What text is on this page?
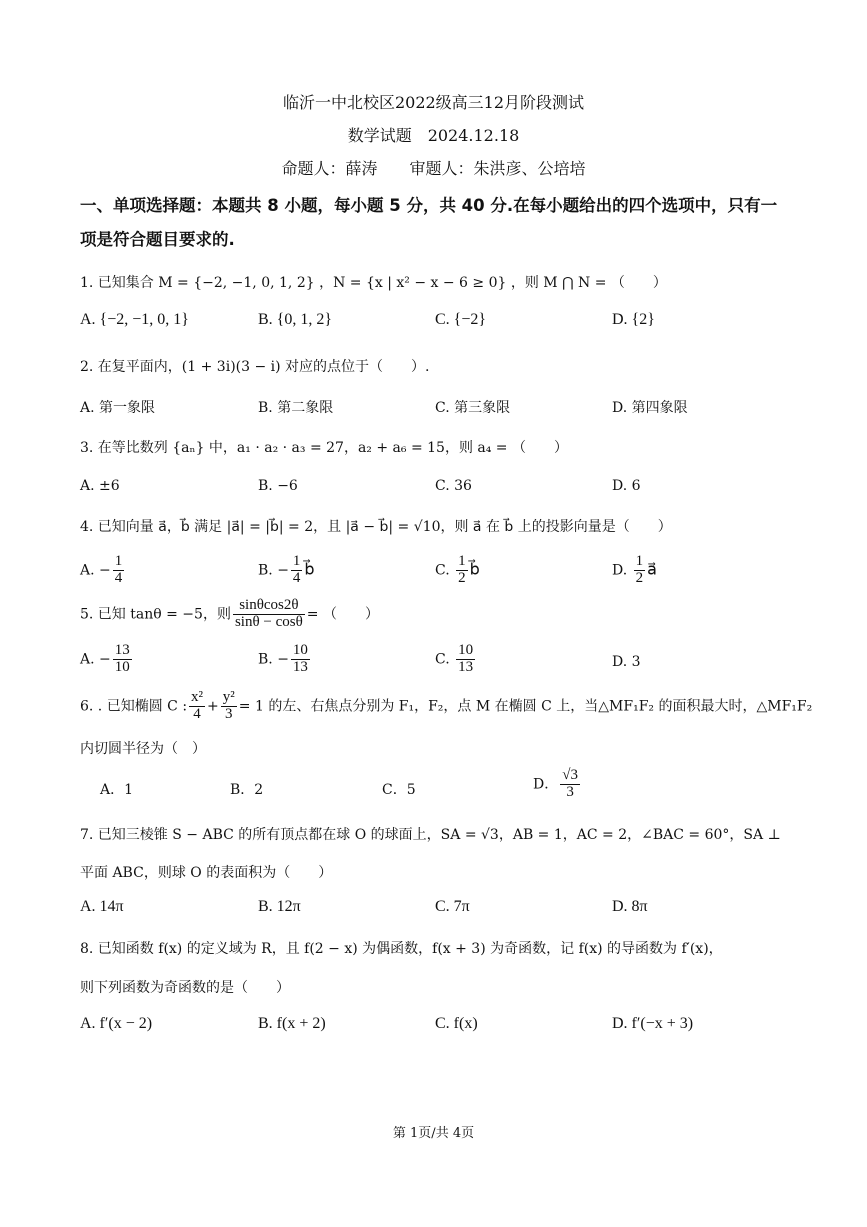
临沂一中北校区2022级高三12月阶段测试
数学试题　2024.12.18
命题人：薛涛　　审题人：朱洪彦、公培培
一、单项选择题：本题共 8 小题，每小题 5 分，共 40 分.在每小题给出的四个选项中，只有一
项是符合题目要求的.
1. 已知集合 M = {−2, −1, 0, 1, 2} ，N = {x | x² − x − 6 ≥ 0} ，则 M ⋂ N = （　　）
A. {−2, −1, 0, 1}	B. {0, 1, 2}	C. {−2}	D. {2}
2. 在复平面内，(1 + 3i)(3 − i) 对应的点位于（　　）.
A. 第一象限	B. 第二象限	C. 第三象限	D. 第四象限
3. 在等比数列 {aₙ} 中，a₁ · a₂ · a₃ = 27，a₂ + a₆ = 15，则 a₄ = （　　）
A. ±6	B. −6	C. 36	D. 6
4. 已知向量 a⃗，b⃗ 满足 |a⃗| = |b⃗| = 2，且 |a⃗ − b⃗| = √10，则 a⃗ 在 b⃗ 上的投影向量是（　　）
A. − $\frac{1}{4}$	B. − $\frac{1}{4}$ b⃗	C. $\frac{1}{2}$ b⃗	D. $\frac{1}{2}$ a⃗
5. 已知 tanθ = −5，则 $\frac{\sin\theta\cos 2\theta}{\sin\theta - \cos\theta}$ = （　　）
A. − $\frac{13}{10}$	B. − $\frac{10}{13}$	C. $\frac{10}{13}$	D. 3
6. . 已知椭圆 C : $\frac{\text{x²}}{4} + \frac{\text{y²}}{3} = 1$ 的左、右焦点分别为 F₁，F₂，点 M 在椭圆 C 上，当△MF₁F₂ 的面积最大时，△MF₁F₂
内切圆半径为（　）
A．1	B．2	C．5	D． $\frac{√3}{3}$
7. 已知三棱锥 S − ABC 的所有顶点都在球 O 的球面上，SA = √3，AB = 1，AC = 2，∠BAC = 60°，SA ⊥
平面 ABC，则球 O 的表面积为（　　）
A. 14π	B. 12π	C. 7π	D. 8π
8. 已知函数 f(x) 的定义域为 R，且 f(2 − x) 为偶函数，f(x + 3) 为奇函数，记 f(x) 的导函数为 f′(x)，
则下列函数为奇函数的是（　　）
A. f′(x − 2)	B. f(x + 2)	C. f(x)	D. f′(−x + 3)
第 1页/共 4页
